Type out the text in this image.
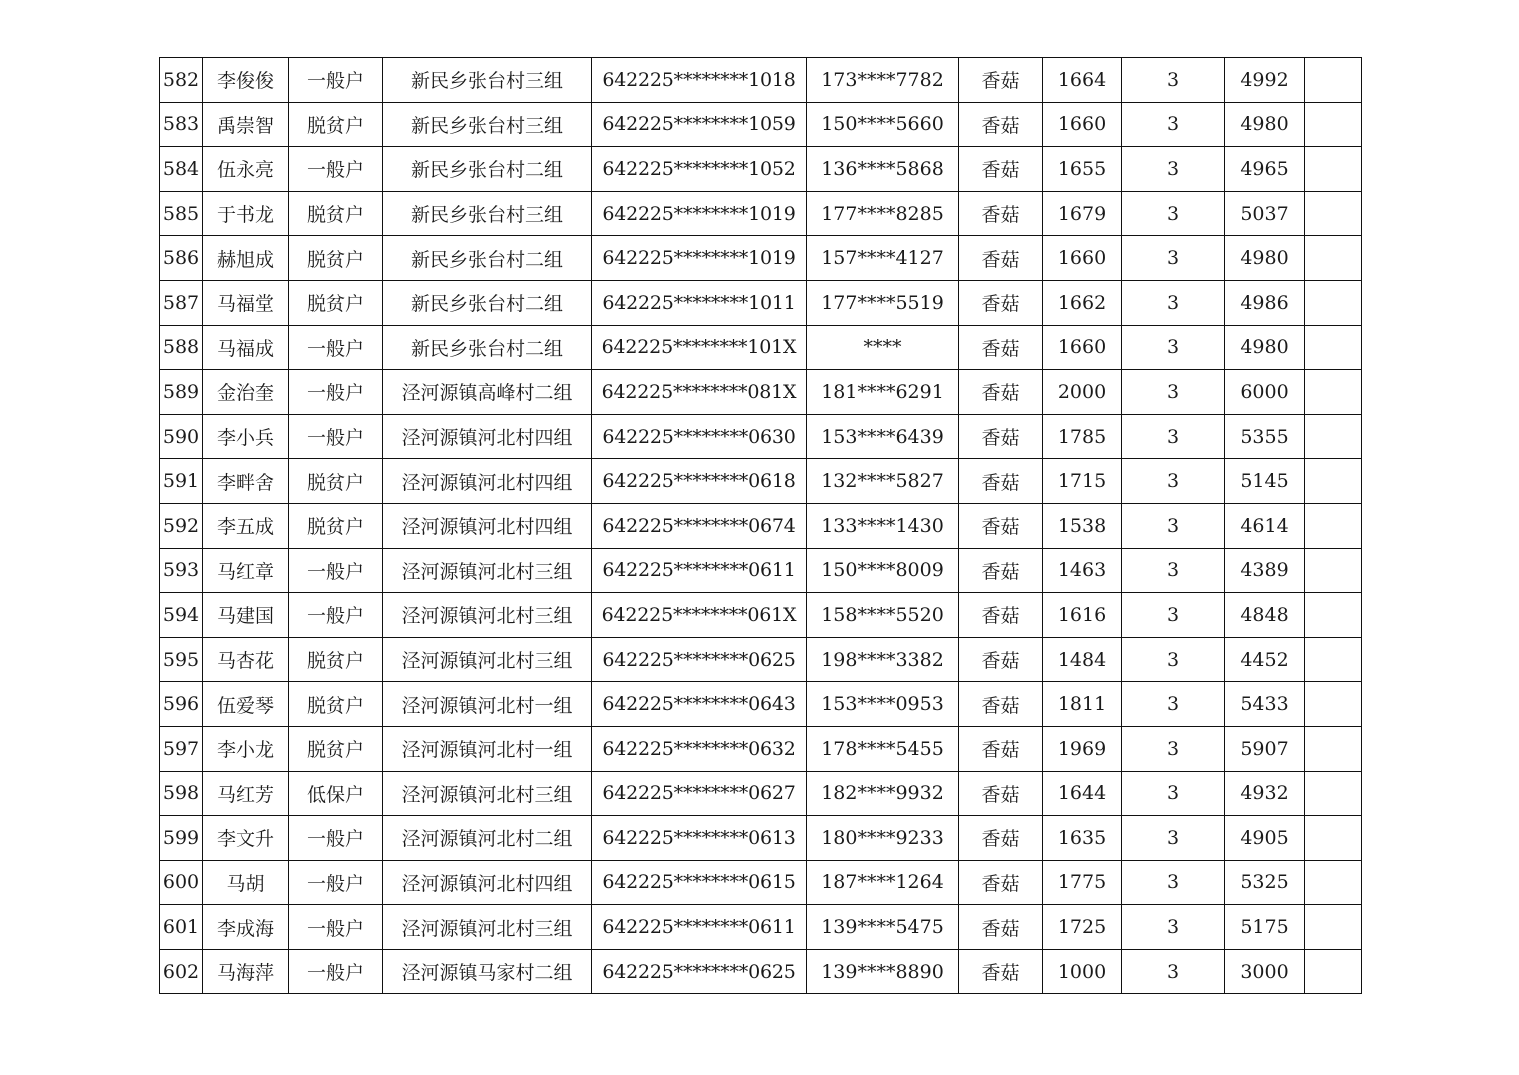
582	李俊俊	一般户	新民乡张台村三组	642225********1018	173****7782	香菇	1664	3	4992	
583	禹崇智	脱贫户	新民乡张台村三组	642225********1059	150****5660	香菇	1660	3	4980	
584	伍永亮	一般户	新民乡张台村二组	642225********1052	136****5868	香菇	1655	3	4965	
585	于书龙	脱贫户	新民乡张台村三组	642225********1019	177****8285	香菇	1679	3	5037	
586	赫旭成	脱贫户	新民乡张台村二组	642225********1019	157****4127	香菇	1660	3	4980	
587	马福堂	脱贫户	新民乡张台村二组	642225********1011	177****5519	香菇	1662	3	4986	
588	马福成	一般户	新民乡张台村二组	642225********101X	****	香菇	1660	3	4980	
589	金治奎	一般户	泾河源镇高峰村二组	642225********081X	181****6291	香菇	2000	3	6000	
590	李小兵	一般户	泾河源镇河北村四组	642225********0630	153****6439	香菇	1785	3	5355	
591	李畔舍	脱贫户	泾河源镇河北村四组	642225********0618	132****5827	香菇	1715	3	5145	
592	李五成	脱贫户	泾河源镇河北村四组	642225********0674	133****1430	香菇	1538	3	4614	
593	马红章	一般户	泾河源镇河北村三组	642225********0611	150****8009	香菇	1463	3	4389	
594	马建国	一般户	泾河源镇河北村三组	642225********061X	158****5520	香菇	1616	3	4848	
595	马杏花	脱贫户	泾河源镇河北村三组	642225********0625	198****3382	香菇	1484	3	4452	
596	伍爱琴	脱贫户	泾河源镇河北村一组	642225********0643	153****0953	香菇	1811	3	5433	
597	李小龙	脱贫户	泾河源镇河北村一组	642225********0632	178****5455	香菇	1969	3	5907	
598	马红芳	低保户	泾河源镇河北村三组	642225********0627	182****9932	香菇	1644	3	4932	
599	李文升	一般户	泾河源镇河北村二组	642225********0613	180****9233	香菇	1635	3	4905	
600	马胡	一般户	泾河源镇河北村四组	642225********0615	187****1264	香菇	1775	3	5325	
601	李成海	一般户	泾河源镇河北村三组	642225********0611	139****5475	香菇	1725	3	5175	
602	马海萍	一般户	泾河源镇马家村二组	642225********0625	139****8890	香菇	1000	3	3000	
